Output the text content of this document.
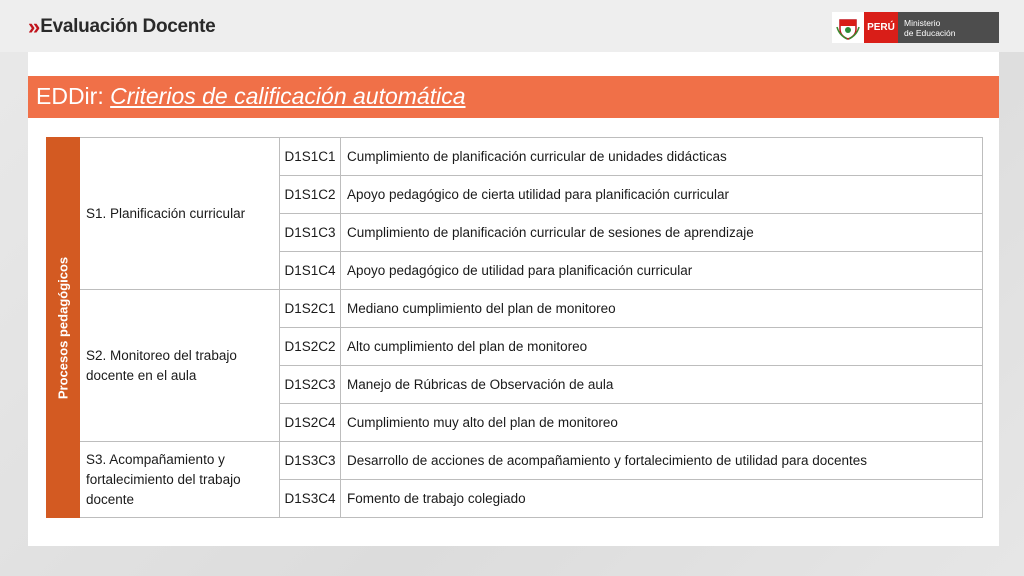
» Evaluación Docente	PERÚ	Ministerio
de Educación
EDDir: Criterios de calificación automática
Procesos pedagógicos	S1. Planificación curricular	D1S1C1	Cumplimiento de planificación curricular de unidades didácticas
		D1S1C2	Apoyo pedagógico de cierta utilidad para planificación curricular
		D1S1C3	Cumplimiento de planificación curricular de sesiones de aprendizaje
		D1S1C4	Apoyo pedagógico de utilidad para planificación curricular
	S2. Monitoreo del trabajo docente en el aula	D1S2C1	Mediano cumplimiento del plan de monitoreo
		D1S2C2	Alto cumplimiento del plan de monitoreo
		D1S2C3	Manejo de Rúbricas de Observación de aula
		D1S2C4	Cumplimiento muy alto del plan de monitoreo
	S3. Acompañamiento y fortalecimiento del trabajo docente	D1S3C3	Desarrollo de acciones de acompañamiento y fortalecimiento de utilidad para docentes
		D1S3C4	Fomento de trabajo colegiado
